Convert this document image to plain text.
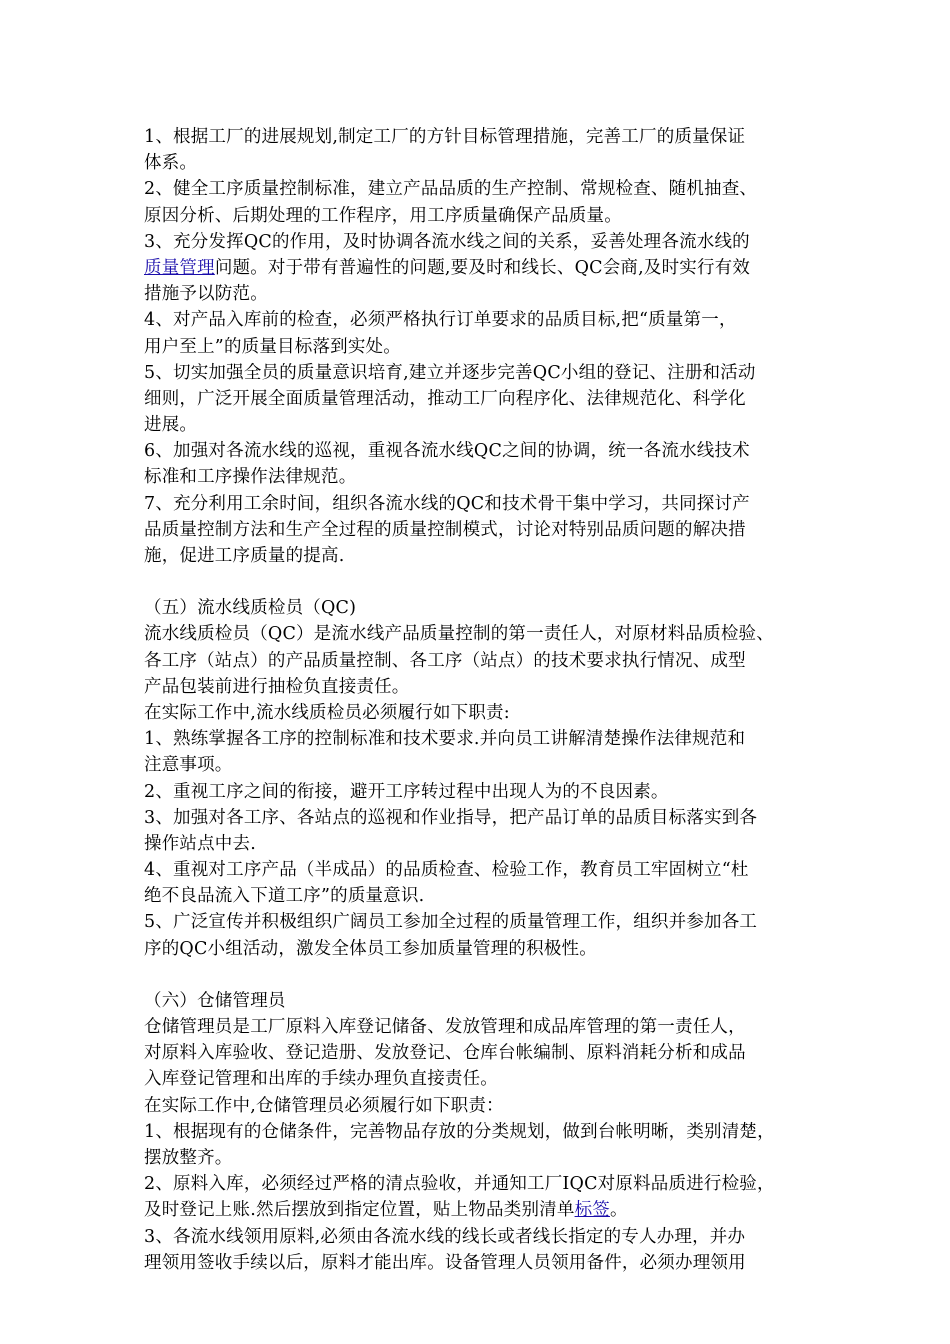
1、根据工厂的进展规划,制定工厂的方针目标管理措施，完善工厂的质量保证
体系。
2、健全工序质量控制标准，建立产品品质的生产控制、常规检查、随机抽查、
原因分析、后期处理的工作程序，用工序质量确保产品质量。
3、充分发挥QC的作用，及时协调各流水线之间的关系，妥善处理各流水线的
质量管理问题。对于带有普遍性的问题,要及时和线长、QC会商,及时实行有效
措施予以防范。
4、对产品入库前的检查，必须严格执行订单要求的品质目标,把“质量第一，
用户至上”的质量目标落到实处。
5、切实加强全员的质量意识培育,建立并逐步完善QC小组的登记、注册和活动
细则，广泛开展全面质量管理活动，推动工厂向程序化、法律规范化、科学化
进展。
6、加强对各流水线的巡视，重视各流水线QC之间的协调，统一各流水线技术
标准和工序操作法律规范。
7、充分利用工余时间，组织各流水线的QC和技术骨干集中学习，共同探讨产
品质量控制方法和生产全过程的质量控制模式，讨论对特别品质问题的解决措
施，促进工序质量的提高.
（五）流水线质检员（QC)
流水线质检员（QC）是流水线产品质量控制的第一责任人，对原材料品质检验、
各工序（站点）的产品质量控制、各工序（站点）的技术要求执行情况、成型
产品包装前进行抽检负直接责任。
在实际工作中,流水线质检员必须履行如下职责:
1、熟练掌握各工序的控制标准和技术要求.并向员工讲解清楚操作法律规范和
注意事项。
2、重视工序之间的衔接，避开工序转过程中出现人为的不良因素。
3、加强对各工序、各站点的巡视和作业指导，把产品订单的品质目标落实到各
操作站点中去.
4、重视对工序产品（半成品）的品质检查、检验工作，教育员工牢固树立“杜
绝不良品流入下道工序”的质量意识.
5、广泛宣传并积极组织广阔员工参加全过程的质量管理工作，组织并参加各工
序的QC小组活动，激发全体员工参加质量管理的积极性。
（六）仓储管理员
仓储管理员是工厂原料入库登记储备、发放管理和成品库管理的第一责任人，
对原料入库验收、登记造册、发放登记、仓库台帐编制、原料消耗分析和成品
入库登记管理和出库的手续办理负直接责任。
在实际工作中,仓储管理员必须履行如下职责：
1、根据现有的仓储条件，完善物品存放的分类规划，做到台帐明晰，类别清楚，
摆放整齐。
2、原料入库，必须经过严格的清点验收，并通知工厂IQC对原料品质进行检验，
及时登记上账.然后摆放到指定位置，贴上物品类别清单标签。
3、各流水线领用原料,必须由各流水线的线长或者线长指定的专人办理，并办
理领用签收手续以后，原料才能出库。设备管理人员领用备件，必须办理领用
